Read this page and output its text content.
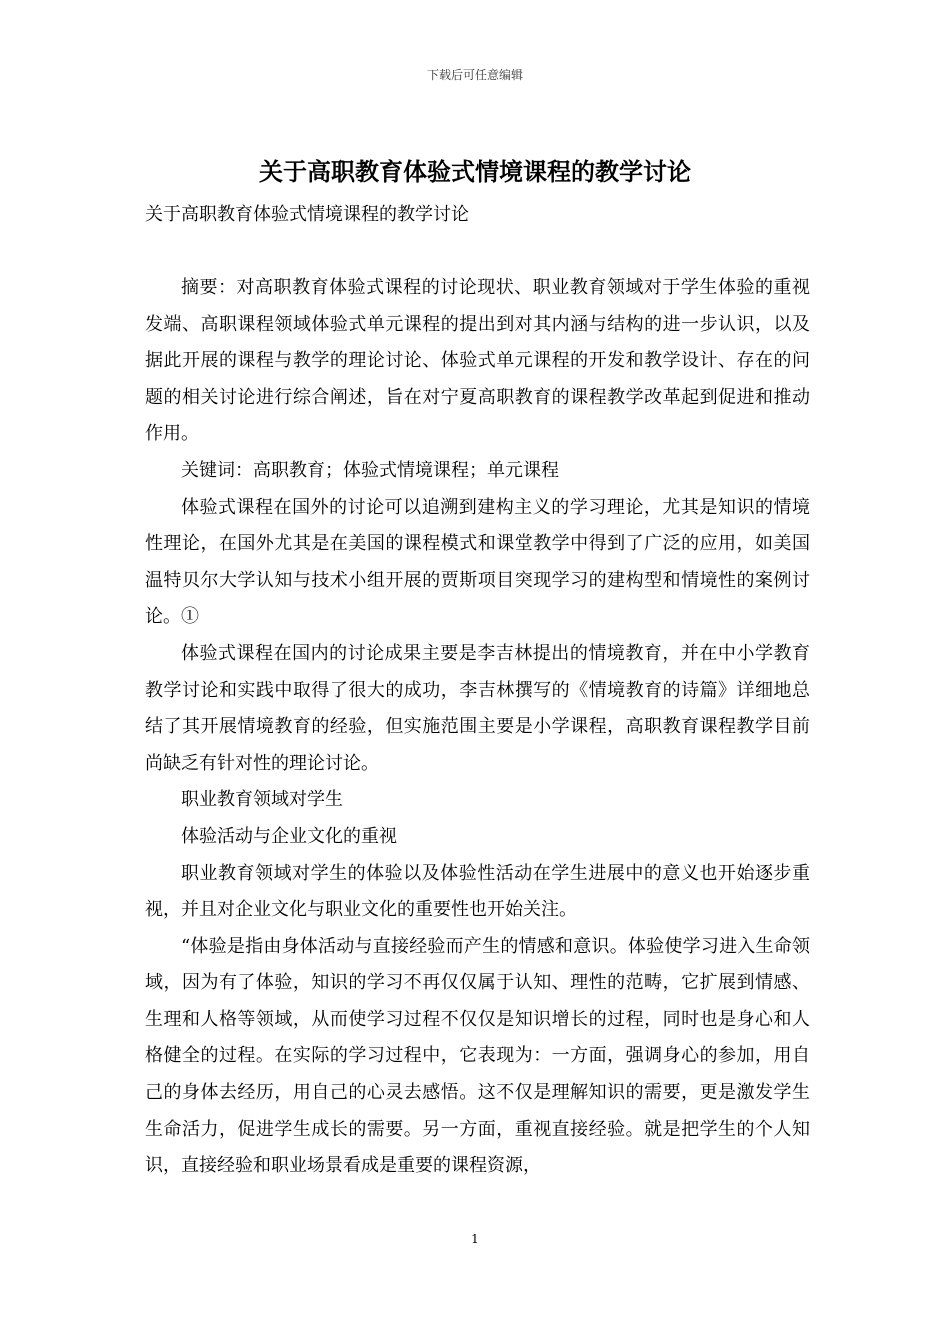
下载后可任意编辑
关于高职教育体验式情境课程的教学讨论
关于高职教育体验式情境课程的教学讨论

摘要：对高职教育体验式课程的讨论现状、职业教育领域对于学生体验的重视发端、高职课程领域体验式单元课程的提出到对其内涵与结构的进一步认识，以及据此开展的课程与教学的理论讨论、体验式单元课程的开发和教学设计、存在的问题的相关讨论进行综合阐述，旨在对宁夏高职教育的课程教学改革起到促进和推动作用。

关键词：高职教育；体验式情境课程；单元课程

体验式课程在国外的讨论可以追溯到建构主义的学习理论，尤其是知识的情境性理论，在国外尤其是在美国的课程模式和课堂教学中得到了广泛的应用，如美国温特贝尔大学认知与技术小组开展的贾斯项目突现学习的建构型和情境性的案例讨论。①

体验式课程在国内的讨论成果主要是李吉林提出的情境教育，并在中小学教育教学讨论和实践中取得了很大的成功，李吉林撰写的《情境教育的诗篇》详细地总结了其开展情境教育的经验，但实施范围主要是小学课程，高职教育课程教学目前尚缺乏有针对性的理论讨论。

职业教育领域对学生

体验活动与企业文化的重视

职业教育领域对学生的体验以及体验性活动在学生进展中的意义也开始逐步重视，并且对企业文化与职业文化的重要性也开始关注。

“体验是指由身体活动与直接经验而产生的情感和意识。体验使学习进入生命领域，因为有了体验，知识的学习不再仅仅属于认知、理性的范畴，它扩展到情感、生理和人格等领域，从而使学习过程不仅仅是知识增长的过程，同时也是身心和人格健全的过程。在实际的学习过程中，它表现为：一方面，强调身心的参加，用自己的身体去经历，用自己的心灵去感悟。这不仅是理解知识的需要，更是激发学生生命活力，促进学生成长的需要。另一方面，重视直接经验。就是把学生的个人知识，直接经验和职业场景看成是重要的课程资源，

1
